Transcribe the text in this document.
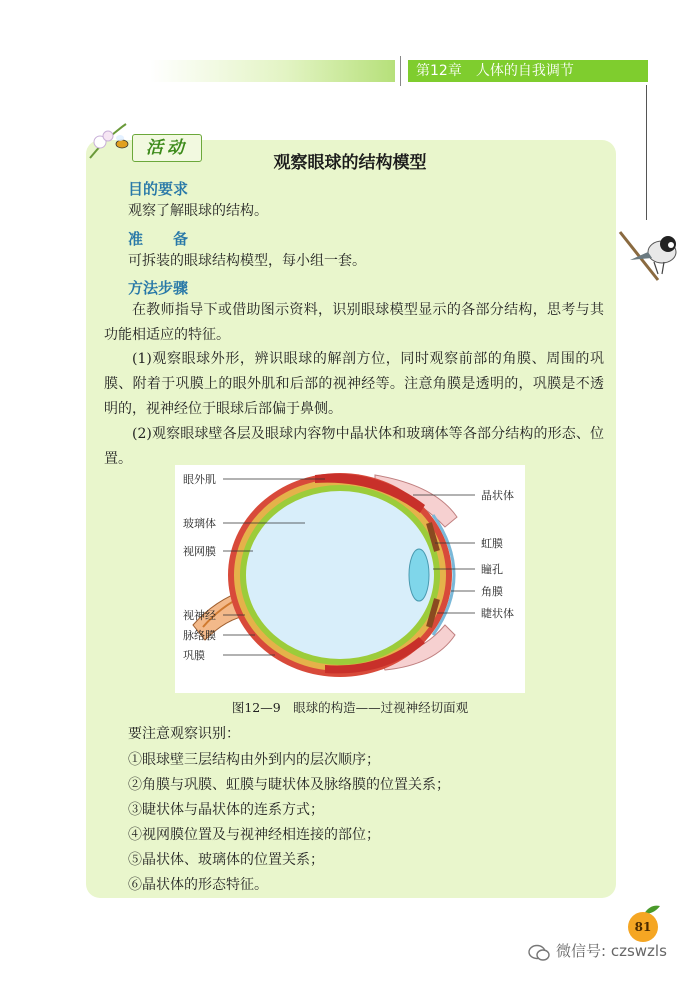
第12章　人体的自我调节
活动
观察眼球的结构模型
目的要求
观察了解眼球的结构。
准　　备
可拆装的眼球结构模型，每小组一套。
方法步骤
在教师指导下或借助图示资料，识别眼球模型显示的各部分结构，思考与其功能相适应的特征。
(1)观察眼球外形，辨识眼球的解剖方位，同时观察前部的角膜、周围的巩膜、附着于巩膜上的眼外肌和后部的视神经等。注意角膜是透明的，巩膜是不透明的，视神经位于眼球后部偏于鼻侧。
(2)观察眼球壁各层及眼球内容物中晶状体和玻璃体等各部分结构的形态、位置。
眼外肌
玻璃体
视网膜
视神经
脉络膜
巩膜
晶状体
虹膜
瞳孔
角膜
睫状体
图12—9　眼球的构造——过视神经切面观
要注意观察识别：
①眼球壁三层结构由外到内的层次顺序；
②角膜与巩膜、虹膜与睫状体及脉络膜的位置关系；
③睫状体与晶状体的连系方式；
④视网膜位置及与视神经相连接的部位；
⑤晶状体、玻璃体的位置关系；
⑥晶状体的形态特征。
81
微信号: czswzls
